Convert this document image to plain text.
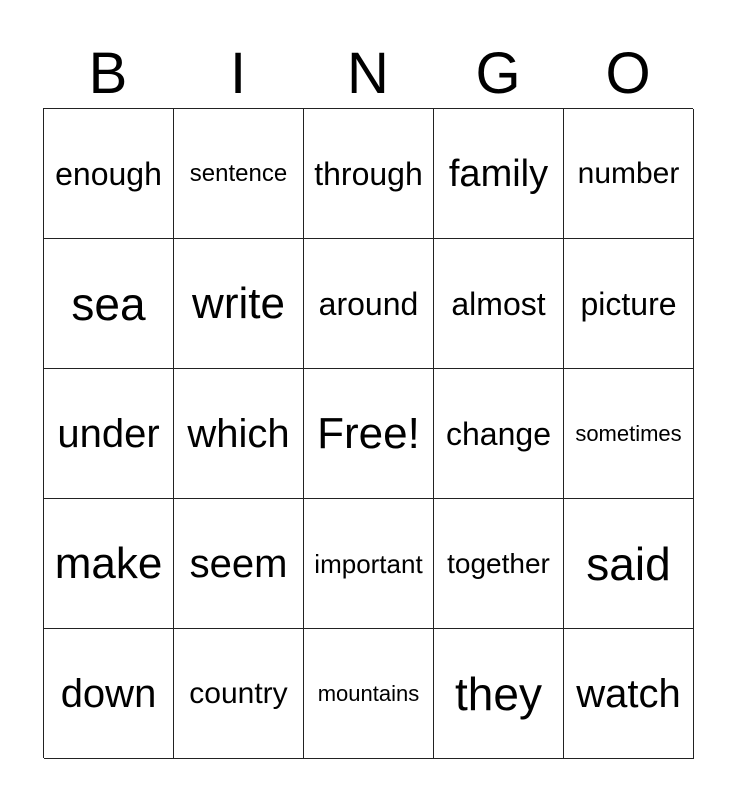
B	I	N	G	O
enough sentence through family number
sea write around almost picture
under which Free! change sometimes
make seem important together said
down country mountains they watch
